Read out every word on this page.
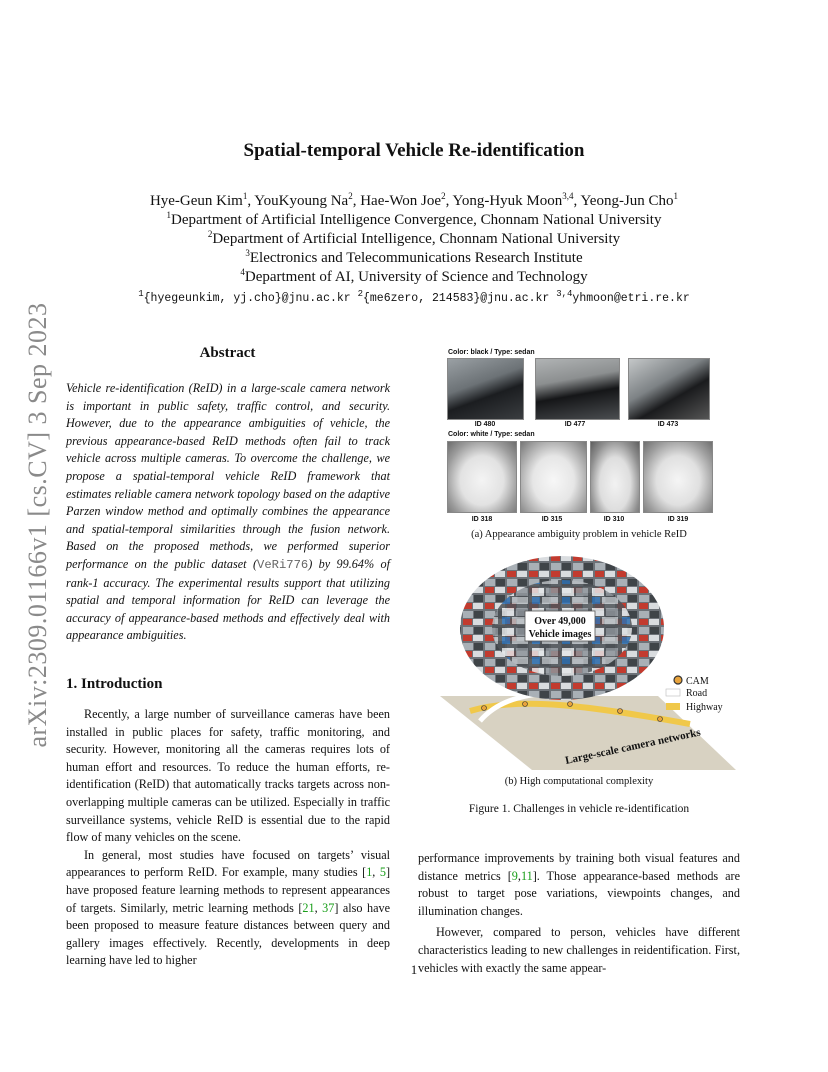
arXiv:2309.01166v1 [cs.CV] 3 Sep 2023
Spatial-temporal Vehicle Re-identification
Hye-Geun Kim$^1$, YouKyoung Na$^2$, Hae-Won Joe$^2$, Yong-Hyuk Moon$^{3,4}$, Yeong-Jun Cho$^1$
$^1$Department of Artificial Intelligence Convergence, Chonnam National University
$^2$Department of Artificial Intelligence, Chonnam National University
$^3$Electronics and Telecommunications Research Institute
$^4$Department of AI, University of Science and Technology
$^1${hyegeunkim, yj.cho}@jnu.ac.kr $^2${me6zero, 214583}@jnu.ac.kr $^{3,4}$yhmoon@etri.re.kr
Abstract
Vehicle re-identification (ReID) in a large-scale camera network is important in public safety, traffic control, and security. However, due to the appearance ambiguities of vehicle, the previous appearance-based ReID methods often fail to track vehicle across multiple cameras. To overcome the challenge, we propose a spatial-temporal vehicle ReID framework that estimates reliable camera network topology based on the adaptive Parzen window method and optimally combines the appearance and spatial-temporal similarities through the fusion network. Based on the proposed methods, we performed superior performance on the public dataset (VeRi776) by 99.64% of rank-1 accuracy. The experimental results support that utilizing spatial and temporal information for ReID can leverage the accuracy of appearance-based methods and effectively deal with appearance ambiguities.
1. Introduction

Recently, a large number of surveillance cameras have been installed in public places for safety, traffic monitoring, and security. However, monitoring all the cameras requires lots of human effort and resources. To reduce the human efforts, re-identification (ReID) that automatically tracks targets across non-overlapping multiple cameras can be utilized. Especially in traffic surveillance systems, vehicle ReID is essential due to the rapid flow of many vehicles on the scene.

In general, most studies have focused on targets’ visual appearances to perform ReID. For example, many studies [1, 5] have proposed feature learning methods to represent appearances of targets. Similarly, metric learning methods [21, 37] also have been proposed to measure feature distances between query and gallery images effectively. Recently, developments in deep learning have led to higher

performance improvements by training both visual features and distance metrics [9,11]. Those appearance-based methods are robust to target pose variations, viewpoints changes, and illumination changes.

However, compared to person, vehicles have different characteristics leading to new challenges in reidentification. First, vehicles with exactly the same appear-

Color: black / Type: sedan
ID 480	ID 477	ID 473
Color: white / Type: sedan
ID 318	ID 315	ID 310	ID 319
(a) Appearance ambiguity problem in vehicle ReID
Over 49,000
Vehicle images
CAM
Road
Highway
Large-scale camera networks
(b) High computational complexity
Figure 1. Challenges in vehicle re-identification
1
